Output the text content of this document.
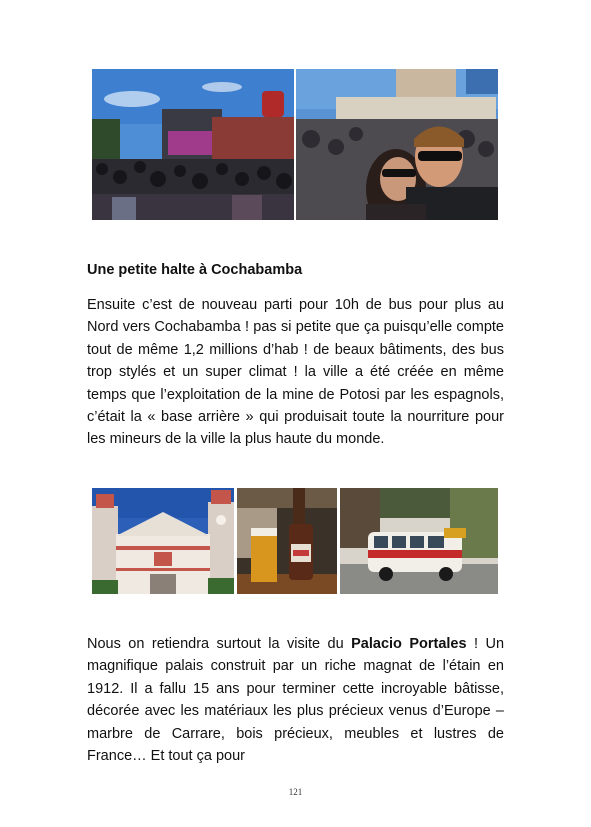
Une petite halte à Cochabamba

Ensuite c’est de nouveau parti pour 10h de bus pour plus au Nord vers Cochabamba ! pas si petite que ça puisqu’elle compte tout de même 1,2 millions d’hab ! de beaux bâtiments, des bus trop stylés et un super climat ! la ville a été créée en même temps que l’exploitation de la mine de Potosi par les espagnols, c’était la « base arrière » qui produisait toute la nourriture pour les mineurs de la ville la plus haute du monde.

Nous on retiendra surtout la visite du Palacio Portales ! Un magnifique palais construit par un riche magnat de l’étain en 1912. Il a fallu 15 ans pour terminer cette incroyable bâtisse, décorée avec les matériaux les plus précieux venus d’Europe – marbre de Carrare, bois précieux, meubles et lustres de France… Et tout ça pour

121
